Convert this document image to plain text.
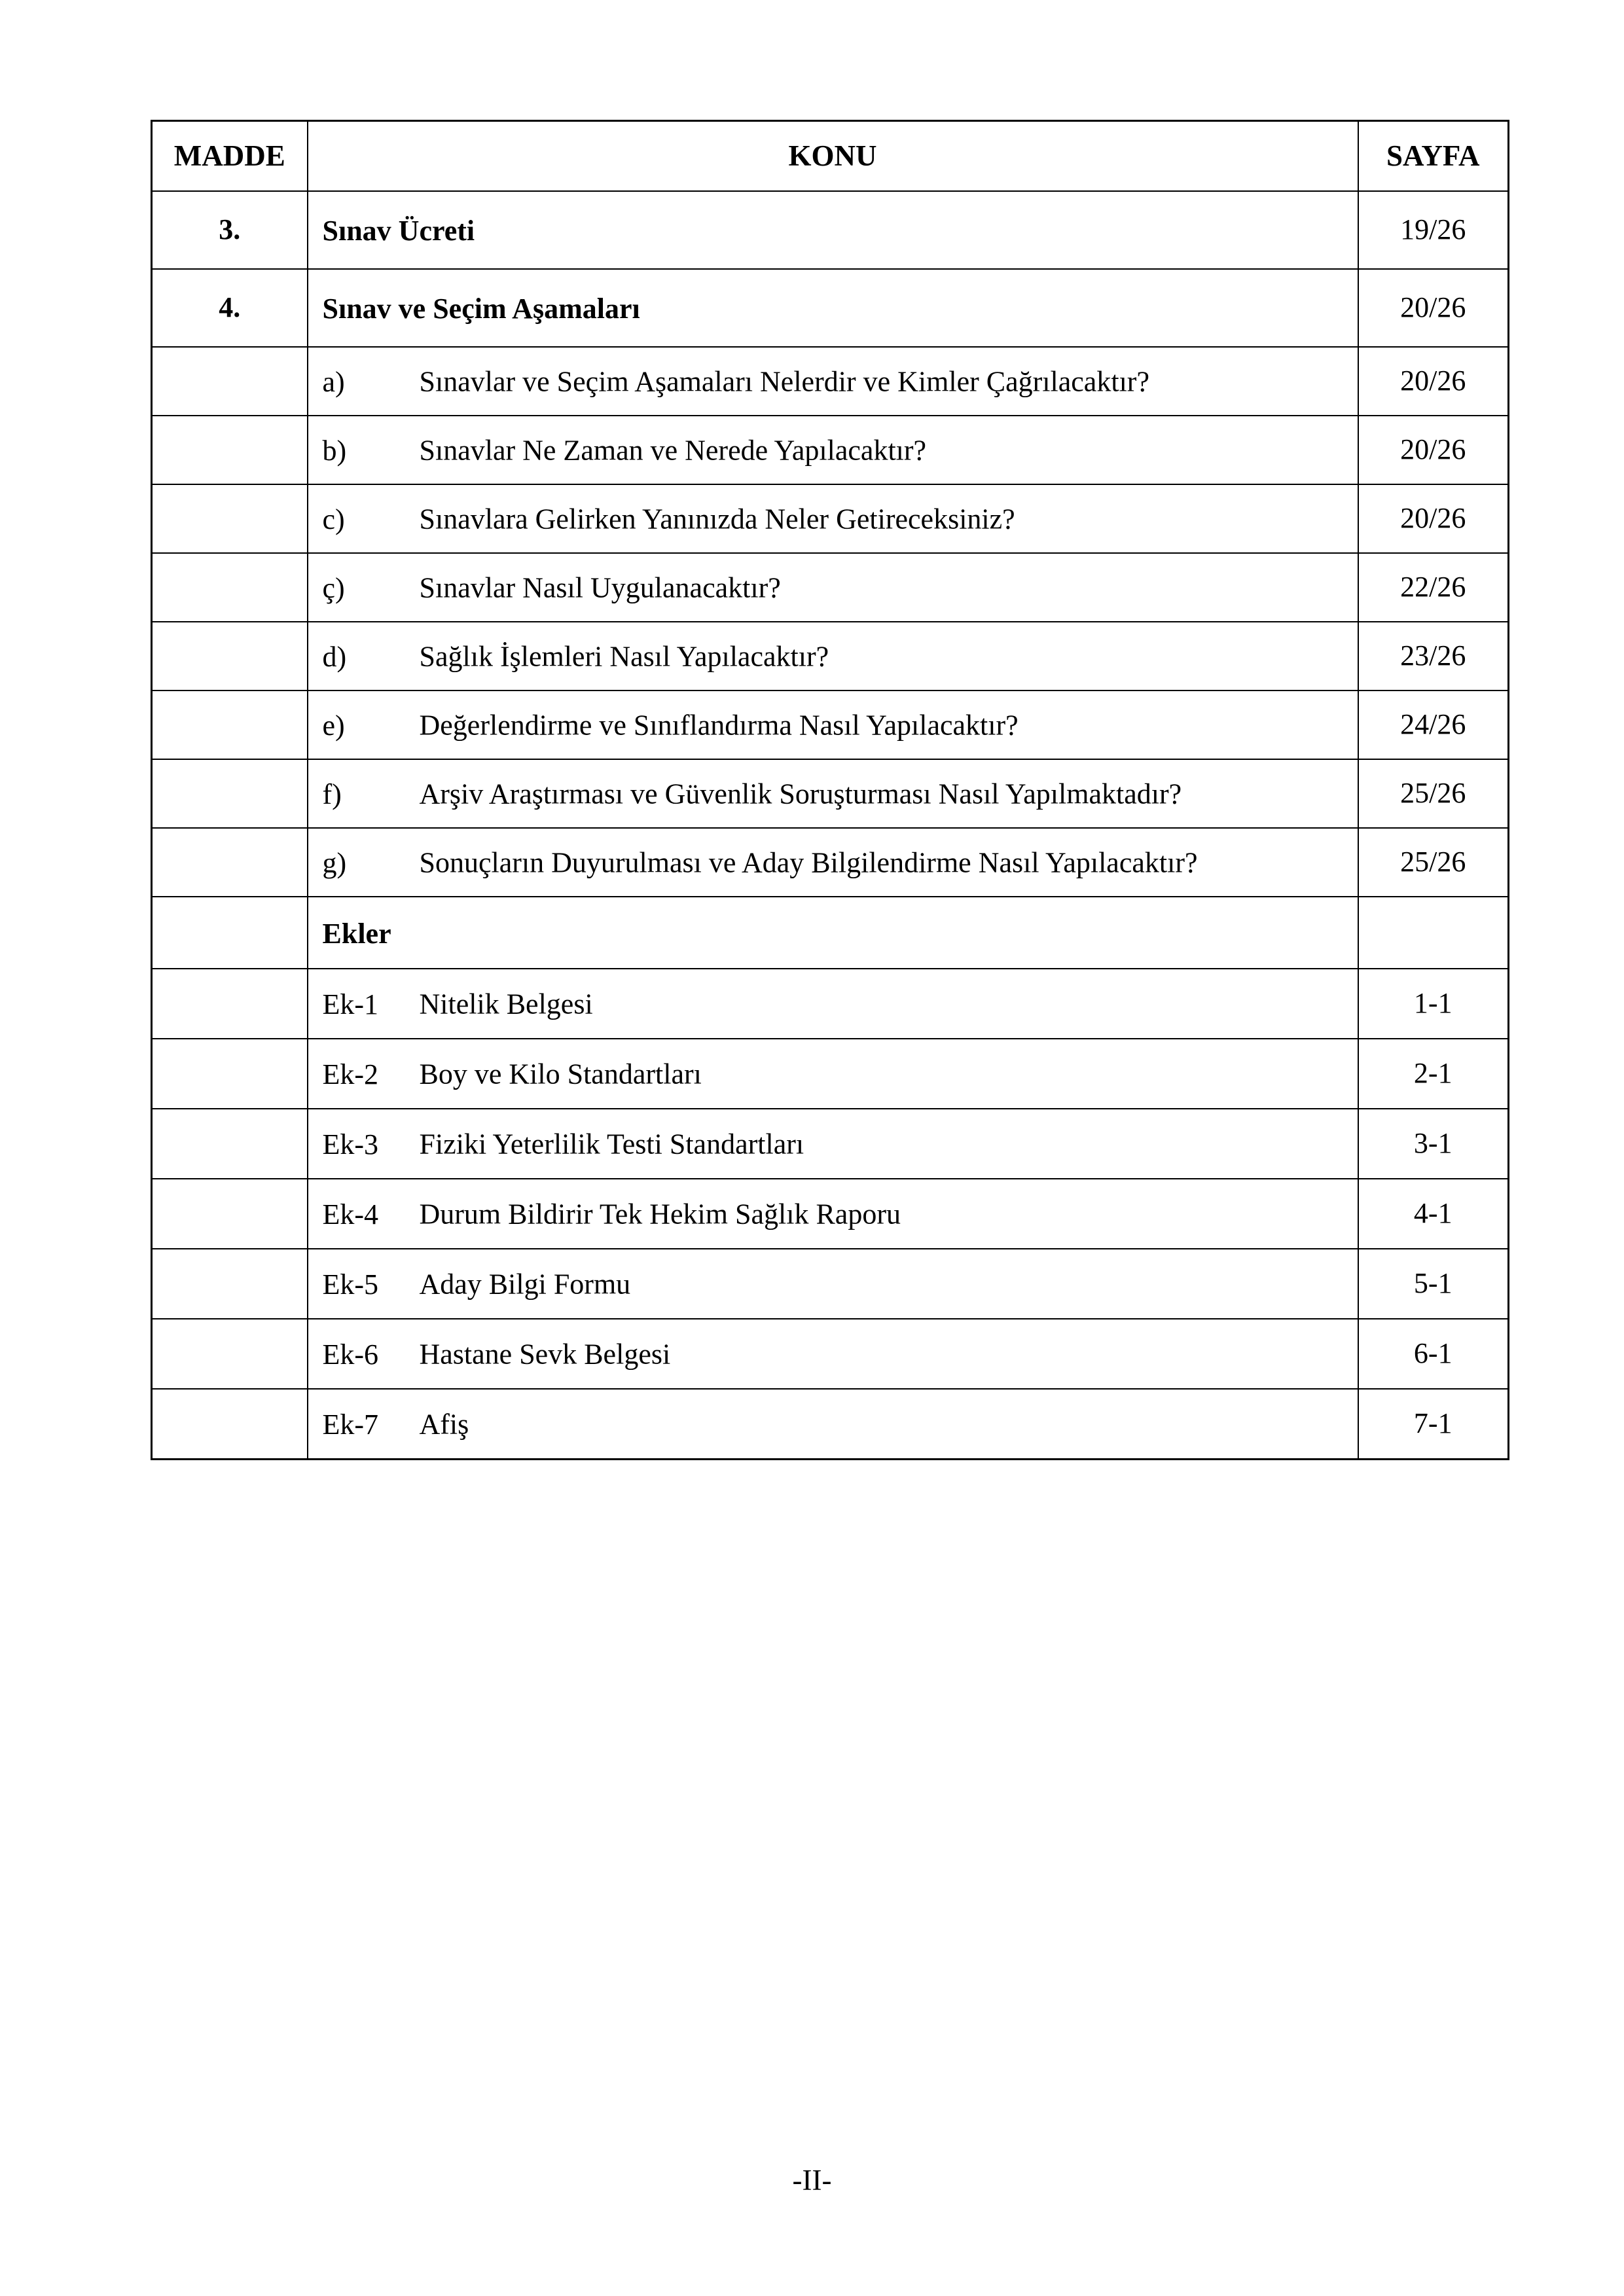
MADDE	KONU	SAYFA
3.	Sınav Ücreti	19/26
4.	Sınav ve Seçim Aşamaları	20/26
	a) Sınavlar ve Seçim Aşamaları Nelerdir ve Kimler Çağrılacaktır?	20/26
	b) Sınavlar Ne Zaman ve Nerede Yapılacaktır?	20/26
	c) Sınavlara Gelirken Yanınızda Neler Getireceksiniz?	20/26
	ç) Sınavlar Nasıl Uygulanacaktır?	22/26
	d) Sağlık İşlemleri Nasıl Yapılacaktır?	23/26
	e) Değerlendirme ve Sınıflandırma Nasıl Yapılacaktır?	24/26
	f) Arşiv Araştırması ve Güvenlik Soruşturması Nasıl Yapılmaktadır?	25/26
	g) Sonuçların Duyurulması ve Aday Bilgilendirme Nasıl Yapılacaktır?	25/26
	Ekler	
	Ek-1 Nitelik Belgesi	1-1
	Ek-2 Boy ve Kilo Standartları	2-1
	Ek-3 Fiziki Yeterlilik Testi Standartları	3-1
	Ek-4 Durum Bildirir Tek Hekim Sağlık Raporu	4-1
	Ek-5 Aday Bilgi Formu	5-1
	Ek-6 Hastane Sevk Belgesi	6-1
	Ek-7 Afiş	7-1
-II-
